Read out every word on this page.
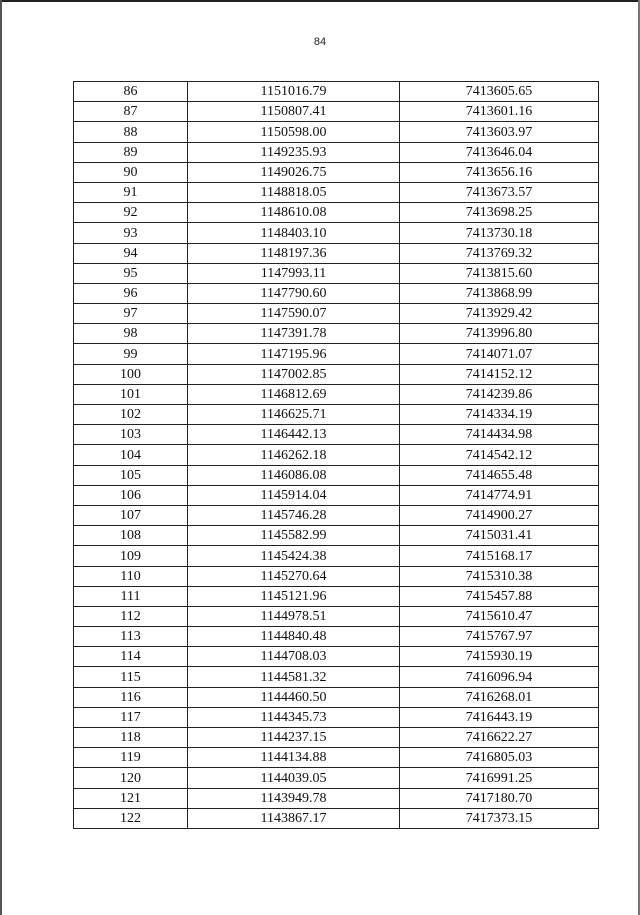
84
86	1151016.79	7413605.65
87	1150807.41	7413601.16
88	1150598.00	7413603.97
89	1149235.93	7413646.04
90	1149026.75	7413656.16
91	1148818.05	7413673.57
92	1148610.08	7413698.25
93	1148403.10	7413730.18
94	1148197.36	7413769.32
95	1147993.11	7413815.60
96	1147790.60	7413868.99
97	1147590.07	7413929.42
98	1147391.78	7413996.80
99	1147195.96	7414071.07
100	1147002.85	7414152.12
101	1146812.69	7414239.86
102	1146625.71	7414334.19
103	1146442.13	7414434.98
104	1146262.18	7414542.12
105	1146086.08	7414655.48
106	1145914.04	7414774.91
107	1145746.28	7414900.27
108	1145582.99	7415031.41
109	1145424.38	7415168.17
110	1145270.64	7415310.38
111	1145121.96	7415457.88
112	1144978.51	7415610.47
113	1144840.48	7415767.97
114	1144708.03	7415930.19
115	1144581.32	7416096.94
116	1144460.50	7416268.01
117	1144345.73	7416443.19
118	1144237.15	7416622.27
119	1144134.88	7416805.03
120	1144039.05	7416991.25
121	1143949.78	7417180.70
122	1143867.17	7417373.15
